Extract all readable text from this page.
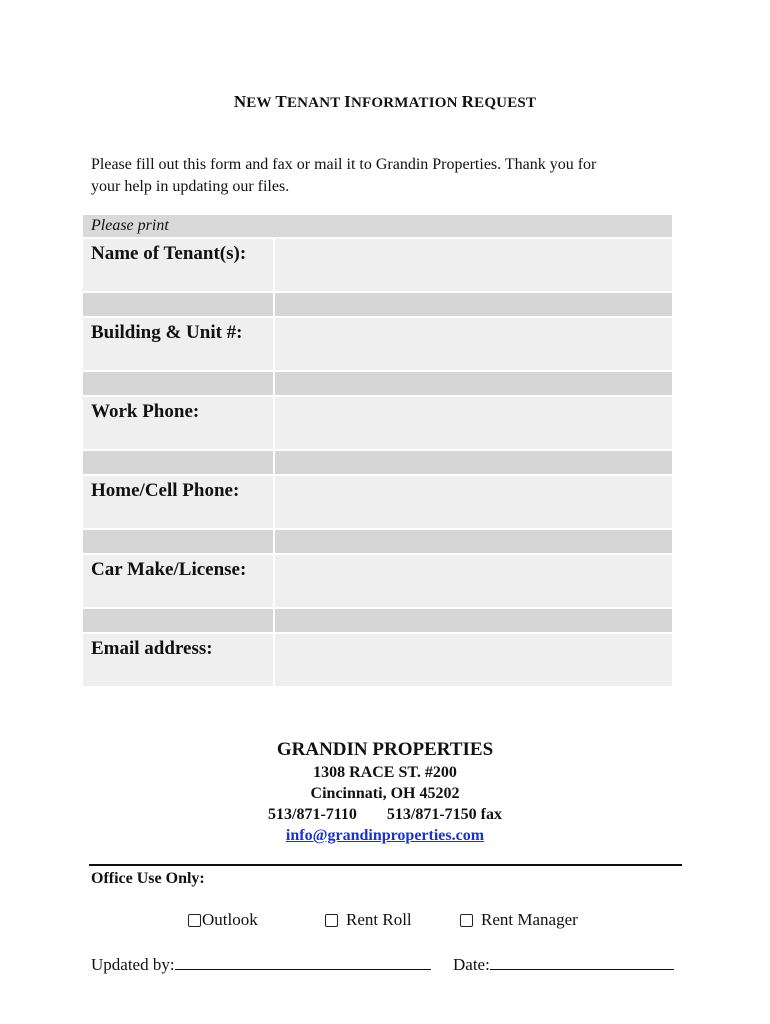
NEW TENANT INFORMATION REQUEST

Please fill out this form and fax or mail it to Grandin Properties. Thank you for

your help in updating our files.

Please print
Name of Tenant(s):
Building & Unit #:
Work Phone:
Home/Cell Phone:
Car Make/License:
Email address:
GRANDIN PROPERTIES
1308 RACE ST. #200
Cincinnati, OH 45202
513/871-7110 513/871-7150 fax
info@grandinproperties.com
Office Use Only:
Outlook	Rent Roll	Rent Manager
Updated by:	Date:
